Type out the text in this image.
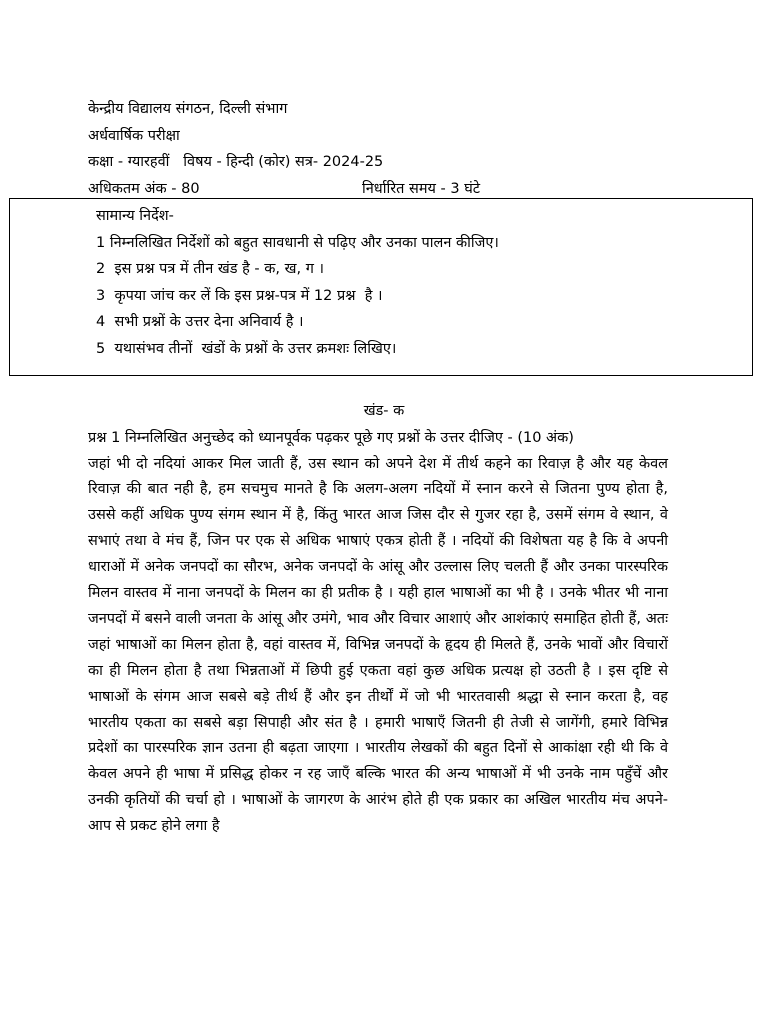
केन्द्रीय विद्यालय संगठन, दिल्ली संभाग
अर्धवार्षिक परीक्षा
कक्षा - ग्यारहवीं   विषय - हिन्दी (कोर) सत्र- 2024-25
अधिकतम अंक - 80	निर्धारित समय - 3 घंटे
सामान्य निर्देश-
1 निम्नलिखित निर्देशों को बहुत सावधानी से पढ़िए और उनका पालन कीजिए।
2  इस प्रश्न पत्र में तीन खंड है - क, ख, ग ।
3  कृपया जांच कर लें कि इस प्रश्न-पत्र में 12 प्रश्न  है ।
4  सभी प्रश्नों के उत्तर देना अनिवार्य है ।
5  यथासंभव तीनों  खंडों के प्रश्नों के उत्तर क्रमशः लिखिए।
खंड- क
प्रश्न 1 निम्नलिखित अनुच्छेद को ध्यानपूर्वक पढ़कर पूछे गए प्रश्नों के उत्तर दीजिए - (10 अंक)
जहां भी दो नदियां आकर मिल जाती हैं, उस स्थान को अपने देश में तीर्थ कहने का रिवाज़ है और यह केवल रिवाज़ की बात नही है, हम सचमुच मानते है कि अलग-अलग नदियों में स्नान करने से जितना पुण्य होता है, उससे कहीं अधिक पुण्य संगम स्थान में है, किंतु भारत आज जिस दौर से गुजर रहा है, उसमें संगम वे स्थान, वे सभाएं तथा वे मंच हैं, जिन पर एक से अधिक भाषाएं एकत्र होती हैं । नदियों की विशेषता यह है कि वे अपनी धाराओं में अनेक जनपदों का सौरभ, अनेक जनपदों के आंसू और उल्लास लिए चलती हैं और उनका पारस्परिक मिलन वास्तव में नाना जनपदों के मिलन का ही प्रतीक है । यही हाल भाषाओं का भी है । उनके भीतर भी नाना जनपदों में बसने वाली जनता के आंसू और उमंगे, भाव और विचार आशाएं और आशंकाएं समाहित होती हैं, अतः जहां भाषाओं का मिलन होता है, वहां वास्तव में, विभिन्न जनपदों के हृदय ही मिलते हैं, उनके भावों और विचारों का ही मिलन होता है तथा भिन्नताओं में छिपी हुई एकता वहां कुछ अधिक प्रत्यक्ष हो उठती है । इस दृष्टि से भाषाओं के संगम आज सबसे बड़े तीर्थ हैं और इन तीर्थों में जो भी भारतवासी श्रद्धा से स्नान करता है, वह भारतीय एकता का सबसे बड़ा सिपाही और संत है । हमारी भाषाएँ जितनी ही तेजी से जागेंगी, हमारे विभिन्न प्रदेशों का पारस्परिक ज्ञान उतना ही बढ़ता जाएगा । भारतीय लेखकों की बहुत दिनों से आकांक्षा रही थी कि वे केवल अपने ही भाषा में प्रसिद्ध होकर न रह जाएँ बल्कि भारत की अन्य भाषाओं में भी उनके नाम पहुँचें और उनकी कृतियों की चर्चा हो । भाषाओं के जागरण के आरंभ होते ही एक प्रकार का अखिल भारतीय मंच अपने-आप से प्रकट होने लगा है
